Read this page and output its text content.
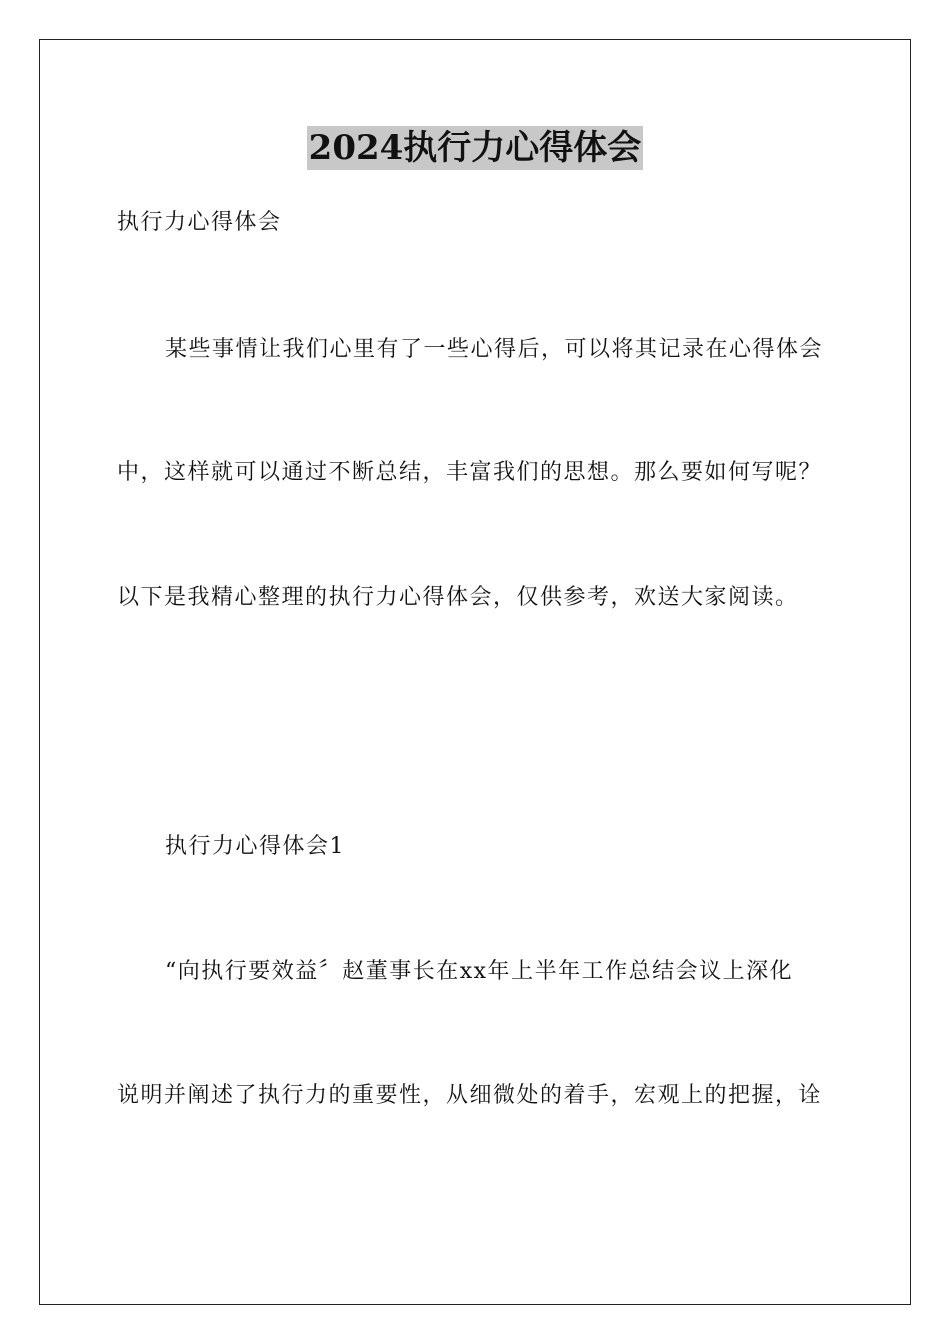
2024执行力心得体会
执行力心得体会
某些事情让我们心里有了一些心得后，可以将其记录在心得体会
中，这样就可以通过不断总结，丰富我们的思想。那么要如何写呢？
以下是我精心整理的执行力心得体会，仅供参考，欢送大家阅读。
执行力心得体会1
“向执行要效益〞赵董事长在xx年上半年工作总结会议上深化
说明并阐述了执行力的重要性，从细微处的着手，宏观上的把握，诠
